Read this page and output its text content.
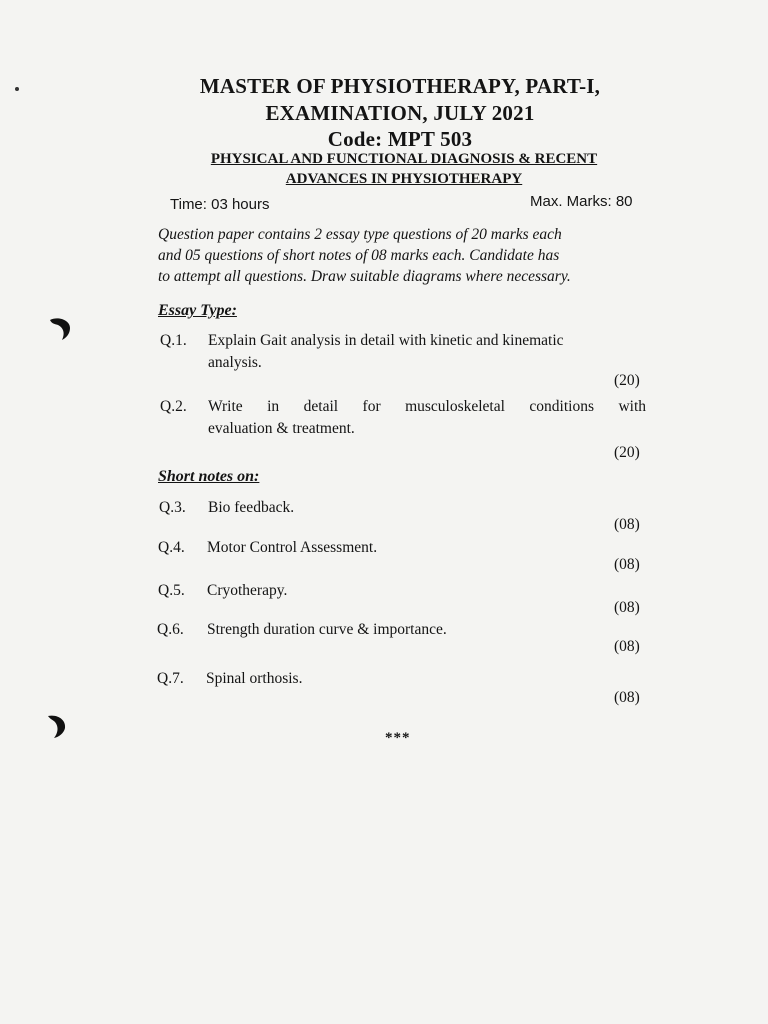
MASTER OF PHYSIOTHERAPY, PART-I,
EXAMINATION, JULY 2021
Code: MPT 503
PHYSICAL AND FUNCTIONAL DIAGNOSIS & RECENT
ADVANCES IN PHYSIOTHERAPY
Time: 03 hours	Max. Marks: 80
Question paper contains 2 essay type questions of 20 marks each
and 05 questions of short notes of 08 marks each. Candidate has
to attempt all questions. Draw suitable diagrams where necessary.
Essay Type:
Q.1. Explain Gait analysis in detail with kinetic and kinematic
analysis.
(20)
Q.2. Write in detail for musculoskeletal conditions with
evaluation & treatment.
(20)
Short notes on:
Q.3. Bio feedback.
(08)
Q.4. Motor Control Assessment.
(08)
Q.5. Cryotherapy.
(08)
Q.6. Strength duration curve & importance.
(08)
Q.7. Spinal orthosis.
(08)
***
